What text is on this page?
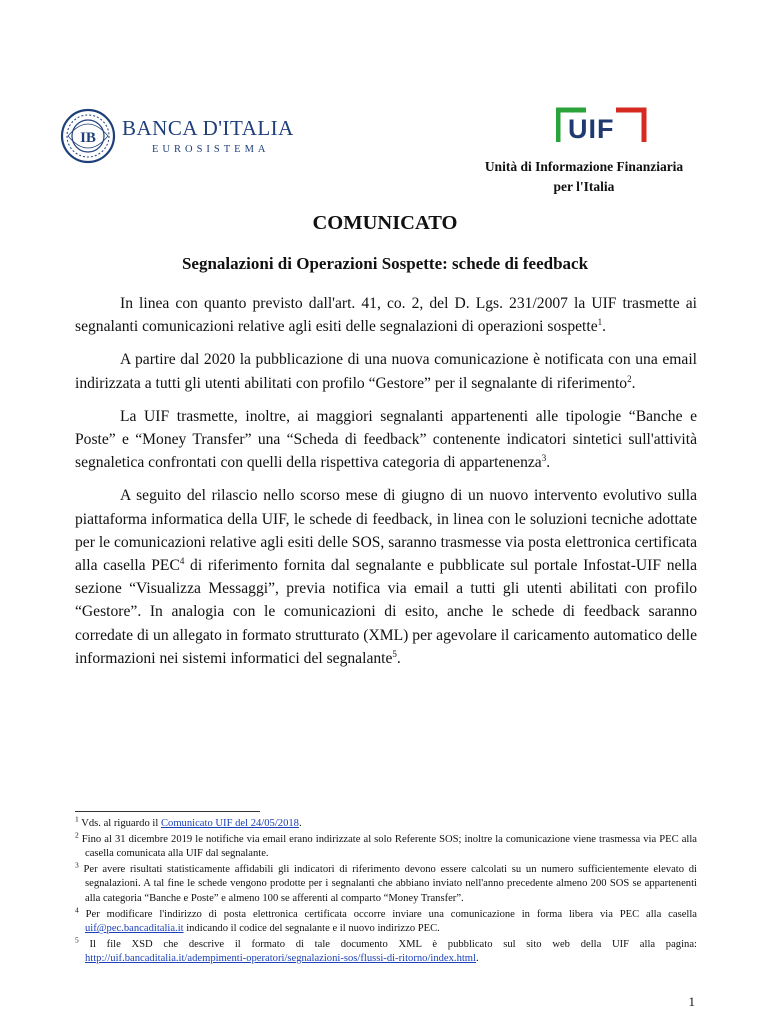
IB BANCA D'ITALIA
EUROSISTEMA
UIF
Unità di Informazione Finanziaria
per l'Italia
COMUNICATO
Segnalazioni di Operazioni Sospette: schede di feedback

In linea con quanto previsto dall'art. 41, co. 2, del D. Lgs. 231/2007 la UIF trasmette ai segnalanti comunicazioni relative agli esiti delle segnalazioni di operazioni sospette$^1$.

A partire dal 2020 la pubblicazione di una nuova comunicazione è notificata con una email indirizzata a tutti gli utenti abilitati con profilo “Gestore” per il segnalante di riferimento$^2$.

La UIF trasmette, inoltre, ai maggiori segnalanti appartenenti alle tipologie “Banche e Poste” e “Money Transfer” una “Scheda di feedback” contenente indicatori sintetici sull'attività segnaletica confrontati con quelli della rispettiva categoria di appartenenza$^3$.

A seguito del rilascio nello scorso mese di giugno di un nuovo intervento evolutivo sulla piattaforma informatica della UIF, le schede di feedback, in linea con le soluzioni tecniche adottate per le comunicazioni relative agli esiti delle SOS, saranno trasmesse via posta elettronica certificata alla casella PEC$^4$ di riferimento fornita dal segnalante e pubblicate sul portale Infostat-UIF nella sezione “Visualizza Messaggi”, previa notifica via email a tutti gli utenti abilitati con profilo “Gestore”. In analogia con le comunicazioni di esito, anche le schede di feedback saranno corredate di un allegato in formato strutturato (XML) per agevolare il caricamento automatico delle informazioni nei sistemi informatici del segnalante$^5$.

$^1$ Vds. al riguardo il Comunicato UIF del 24/05/2018.
$^2$ Fino al 31 dicembre 2019 le notifiche via email erano indirizzate al solo Referente SOS; inoltre la comunicazione viene trasmessa via PEC alla casella comunicata alla UIF dal segnalante.
$^3$ Per avere risultati statisticamente affidabili gli indicatori di riferimento devono essere calcolati su un numero sufficientemente elevato di segnalazioni. A tal fine le schede vengono prodotte per i segnalanti che abbiano inviato nell'anno precedente almeno 200 SOS se appartenenti alla categoria “Banche e Poste” e almeno 100 se afferenti al comparto “Money Transfer”.
$^4$ Per modificare l'indirizzo di posta elettronica certificata occorre inviare una comunicazione in forma libera via PEC alla casella uif@pec.bancaditalia.it indicando il codice del segnalante e il nuovo indirizzo PEC.
$^5$ Il file XSD che descrive il formato di tale documento XML è pubblicato sul sito web della UIF alla pagina: http://uif.bancaditalia.it/adempimenti-operatori/segnalazioni-sos/flussi-di-ritorno/index.html.
1
